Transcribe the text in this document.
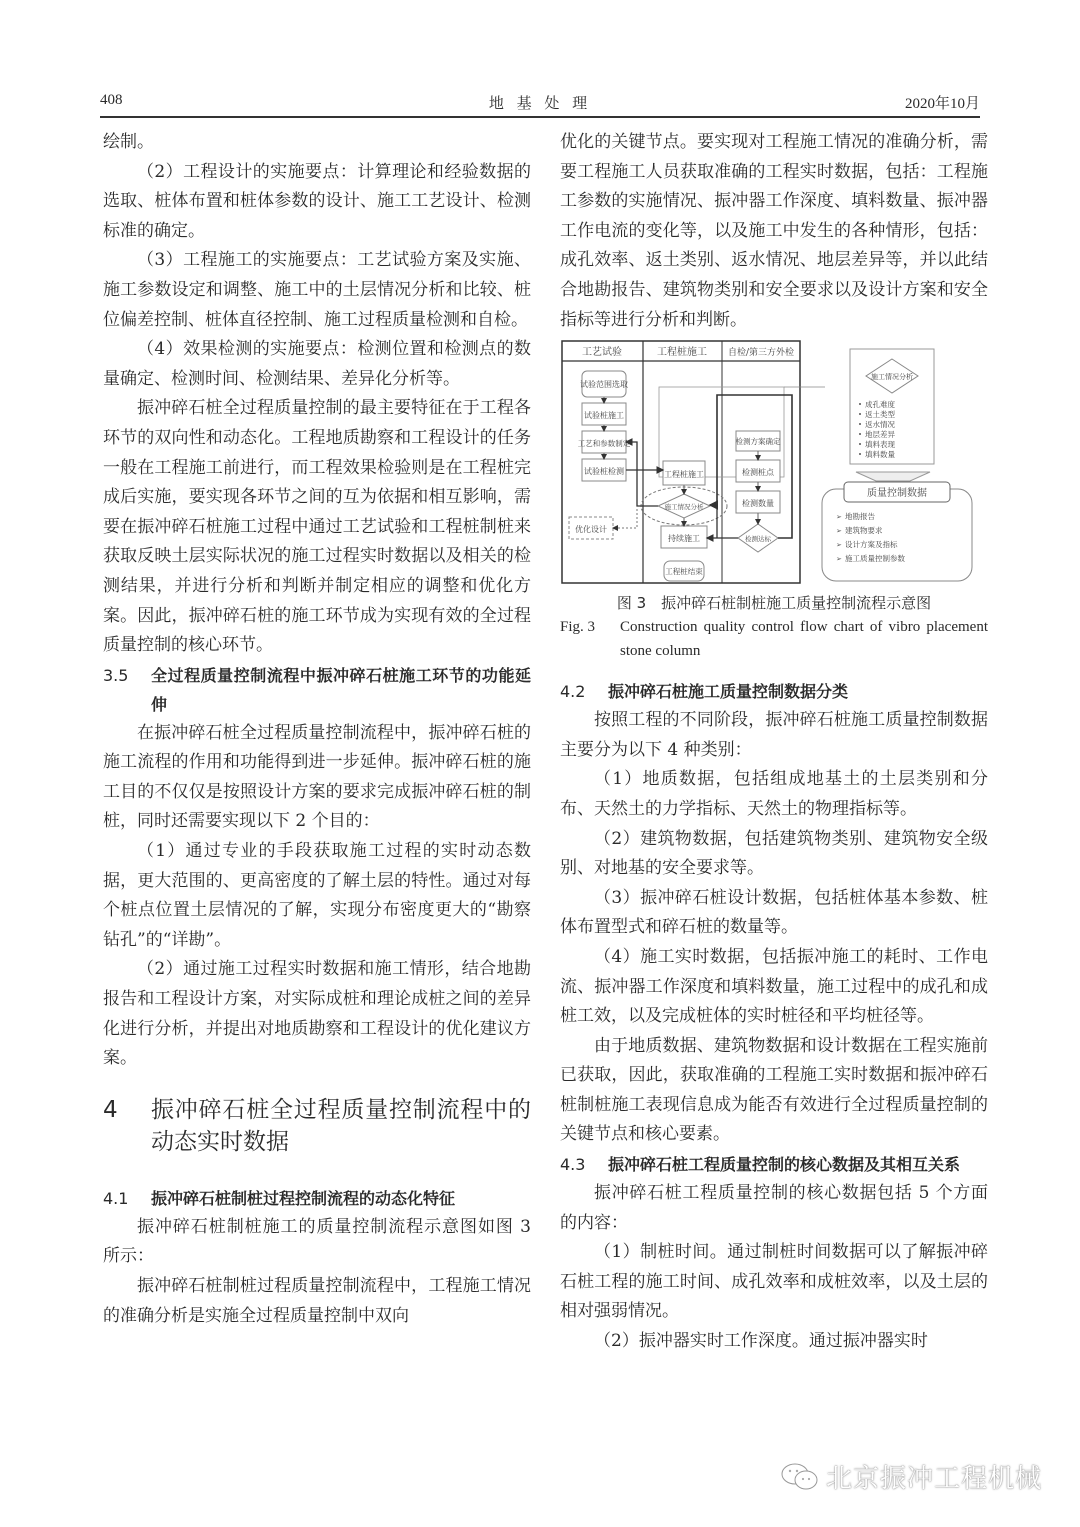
408	地 基 处 理	2020年10月

绘制。

（2）工程设计的实施要点：计算理论和经验数据的选取、桩体布置和桩体参数的设计、施工工艺设计、检测标准的确定。

（3）工程施工的实施要点：工艺试验方案及实施、施工参数设定和调整、施工中的土层情况分析和比较、桩位偏差控制、桩体直径控制、施工过程质量检测和自检。

（4）效果检测的实施要点：检测位置和检测点的数量确定、检测时间、检测结果、差异化分析等。

振冲碎石桩全过程质量控制的最主要特征在于工程各环节的双向性和动态化。工程地质勘察和工程设计的任务一般在工程施工前进行，而工程效果检验则是在工程桩完成后实施，要实现各环节之间的互为依据和相互影响，需要在振冲碎石桩施工过程中通过工艺试验和工程桩制桩来获取反映土层实际状况的施工过程实时数据以及相关的检测结果，并进行分析和判断并制定相应的调整和优化方案。因此，振冲碎石桩的施工环节成为实现有效的全过程质量控制的核心环节。

3.5	全过程质量控制流程中振冲碎石桩施工环节的功能延伸

在振冲碎石桩全过程质量控制流程中，振冲碎石桩的施工流程的作用和功能得到进一步延伸。振冲碎石桩的施工目的不仅仅是按照设计方案的要求完成振冲碎石桩的制桩，同时还需要实现以下 2 个目的：

（1）通过专业的手段获取施工过程的实时动态数据，更大范围的、更高密度的了解土层的特性。通过对每个桩点位置土层情况的了解，实现分布密度更大的“勘察钻孔”的“详勘”。

（2）通过施工过程实时数据和施工情形，结合地勘报告和工程设计方案，对实际成桩和理论成桩之间的差异化进行分析，并提出对地质勘察和工程设计的优化建议方案。

4	振冲碎石桩全过程质量控制流程中的动态实时数据
4.1	振冲碎石桩制桩过程控制流程的动态化特征

振冲碎石桩制桩施工的质量控制流程示意图如图 3 所示：

振冲碎石桩制桩过程质量控制流程中，工程施工情况的准确分析是实施全过程质量控制中双向

优化的关键节点。要实现对工程施工情况的准确分析，需要工程施工人员获取准确的工程实时数据，包括：工程施工参数的实施情况、振冲器工作深度、填料数量、振冲器工作电流的变化等，以及施工中发生的各种情形，包括：成孔效率、返土类别、返水情况、地层差异等，并以此结合地勘报告、建筑物类别和安全要求以及设计方案和安全指标等进行分析和判断。

工艺试验	工程桩施工 自检/第三方外检
试验范围选取
试验桩施工
工艺和参数制定
试验桩检测
优化设计
工程桩施工
施工情况分析
持续施工
工程桩结束
检测方案确定
检测桩点
检测数量
检测达标
施工情况分析
成孔难度
返土类型
返水情况
地层差异
填料表现
填料数量
质量控制数据
地勘报告
建筑物要求
设计方案及指标
施工质量控制参数
➢
➢
➢
➢
图 3　振冲碎石桩制桩施工质量控制流程示意图
Fig. 3	Construction quality control flow chart of vibro placement stone column
4.2	振冲碎石桩施工质量控制数据分类

按照工程的不同阶段，振冲碎石桩施工质量控制数据主要分为以下 4 种类别：

（1）地质数据，包括组成地基土的土层类别和分布、天然土的力学指标、天然土的物理指标等。

（2）建筑物数据，包括建筑物类别、建筑物安全级别、对地基的安全要求等。

（3）振冲碎石桩设计数据，包括桩体基本参数、桩体布置型式和碎石桩的数量等。

（4）施工实时数据，包括振冲施工的耗时、工作电流、振冲器工作深度和填料数量，施工过程中的成孔和成桩工效，以及完成桩体的实时桩径和平均桩径等。

由于地质数据、建筑物数据和设计数据在工程实施前已获取，因此，获取准确的工程施工实时数据和振冲碎石桩制桩施工表现信息成为能否有效进行全过程质量控制的关键节点和核心要素。

4.3	振冲碎石桩工程质量控制的核心数据及其相互关系

振冲碎石桩工程质量控制的核心数据包括 5 个方面的内容：

（1）制桩时间。通过制桩时间数据可以了解振冲碎石桩工程的施工时间、成孔效率和成桩效率，以及土层的相对强弱情况。

（2）振冲器实时工作深度。通过振冲器实时

北京振冲工程机械
